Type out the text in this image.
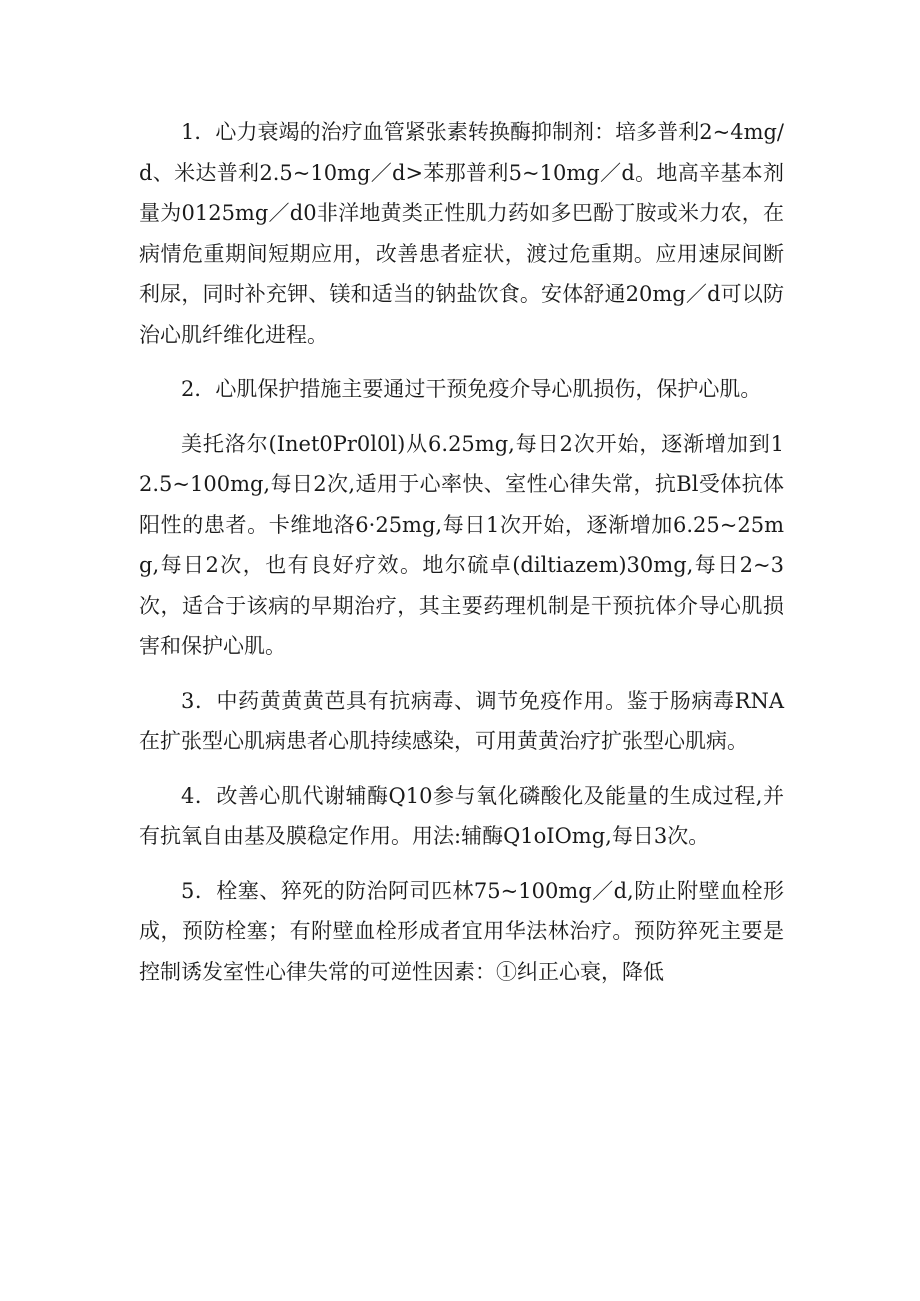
1．心力衰竭的治疗血管紧张素转换酶抑制剂：培多普利2~4mg/d、米达普利2.5~10mg／d>苯那普利5~10mg／d。地高辛基本剂量为0125mg／d0非洋地黄类正性肌力药如多巴酚丁胺或米力农，在病情危重期间短期应用，改善患者症状，渡过危重期。应用速尿间断利尿，同时补充钾、镁和适当的钠盐饮食。安体舒通20mg／d可以防治心肌纤维化进程。

2．心肌保护措施主要通过干预免疫介导心肌损伤，保护心肌。

美托洛尔(Inet0Pr0l0l)从6.25mg,每日2次开始，逐渐增加到12.5~100mg,每日2次,适用于心率快、室性心律失常，抗Bl受体抗体阳性的患者。卡维地洛6·25mg,每日1次开始，逐渐增加6.25~25mg,每日2次，也有良好疗效。地尔硫卓(diltiazem)30mg,每日2~3次，适合于该病的早期治疗，其主要药理机制是干预抗体介导心肌损害和保护心肌。

3．中药黄黄黄芭具有抗病毒、调节免疫作用。鉴于肠病毒RNA在扩张型心肌病患者心肌持续感染，可用黄黄治疗扩张型心肌病。

4．改善心肌代谢辅酶Q10参与氧化磷酸化及能量的生成过程,并有抗氧自由基及膜稳定作用。用法:辅酶Q1oIOmg,每日3次。

5．栓塞、猝死的防治阿司匹林75~100mg／d,防止附壁血栓形成，预防栓塞；有附壁血栓形成者宜用华法林治疗。预防猝死主要是控制诱发室性心律失常的可逆性因素：①纠正心衰，降低
